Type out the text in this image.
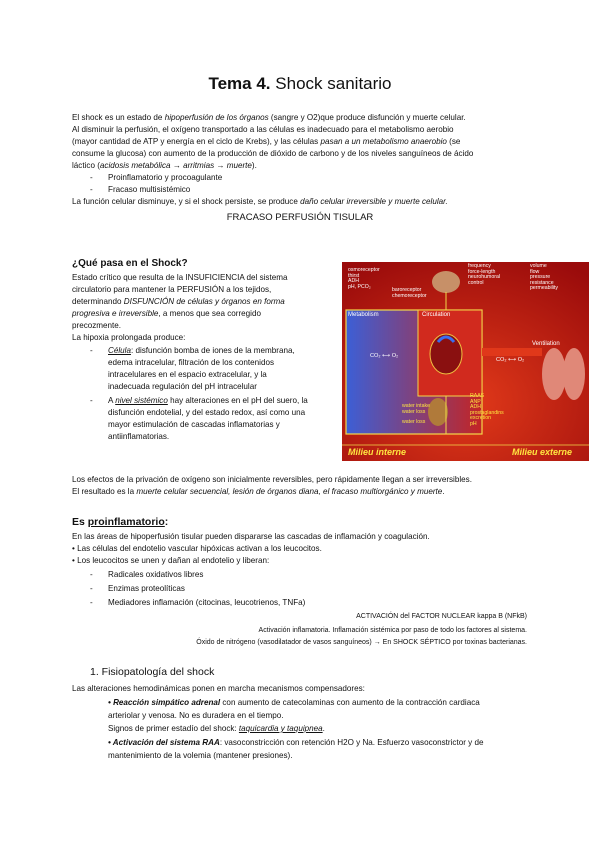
Tema 4. Shock sanitario
El shock es un estado de hipoperfusión de los órganos (sangre y O2)que produce disfunción y muerte celular.
Al disminuir la perfusión, el oxígeno transportado a las células es inadecuado para el metabolismo aerobio
(mayor cantidad de ATP y energía en el ciclo de Krebs), y las células pasan a un metabolismo anaerobio (se
consume la glucosa) con aumento de la producción de dióxido de carbono y de los niveles sanguíneos de ácido
láctico (acidosis metabólica → arritmias → muerte).
- Proinflamatorio y procoagulante
- Fracaso multisistémico
La función celular disminuye, y si el shock persiste, se produce daño celular irreversible y muerte celular.
FRACASO PERFUSIÓN TISULAR
¿Qué pasa en el Shock?
Estado crítico que resulta de la INSUFICIENCIA del sistema
circulatorio para mantener la PERFUSIÓN a los tejidos,
determinando DISFUNCIÓN de células y órganos en forma
progresiva e irreversible, a menos que sea corregido
precozmente.
La hipoxia prolongada produce:
- Célula: disfunción bomba de iones de la membrana,
edema intracelular, filtración de los contenidos
intracelulares en el espacio extracelular, y la
inadecuada regulación del pH intracelular
- A nivel sistémico hay alteraciones en el pH del suero, la
disfunción endotelial, y del estado redox, así como una
mayor estimulación de cascadas inflamatorias y
antiinflamatorias.
Los efectos de la privación de oxígeno son inicialmente reversibles, pero rápidamente llegan a ser irreversibles.
El resultado es la muerte celular secuencial, lesión de órganos diana, el fracaso multiorgánico y muerte.
osmoreceptor
thirst
ADH
pH, PCO₂
baroreceptor
chemoreceptor
frequency
force-length
neurohumoral
control
volume
flow
pressure
resistance
permeability
Metabolism	Circulation
Ventilation
CO₂ ⟷ O₂
CO₂ ⟷ O₂
water intake
water loss
water loss
RAAS
ANP
ADH
prostaglandins
excretion
pH
Milieu interne	Milieu externe
Es proinflamatorio:
En las áreas de hipoperfusión tisular pueden dispararse las cascadas de inflamación y coagulación.
• Las células del endotelio vascular hipóxicas activan a los leucocitos.
• Los leucocitos se unen y dañan al endotelio y liberan:
- Radicales oxidativos libres
- Enzimas proteolíticas
- Mediadores inflamación (citocinas, leucotrienos, TNFa)
ACTIVACIÓN del FACTOR NUCLEAR kappa B (NFkB)
Activación inflamatoria. Inflamación sistémica por paso de todo los factores al sistema.
Óxido de nitrógeno (vasodilatador de vasos sanguíneos) → En SHOCK SÉPTICO por toxinas bacterianas.
1. Fisiopatología del shock
Las alteraciones hemodinámicas ponen en marcha mecanismos compensadores:
• Reacción simpático adrenal con aumento de catecolaminas con aumento de la contracción cardiaca
arteriolar y venosa. No es duradera en el tiempo.
Signos de primer estadío del shock: taquicardia y taquipnea.
• Activación del sistema RAA: vasoconstricción con retención H2O y Na. Esfuerzo vasoconstrictor y de
mantenimiento de la volemia (mantener presiones).
